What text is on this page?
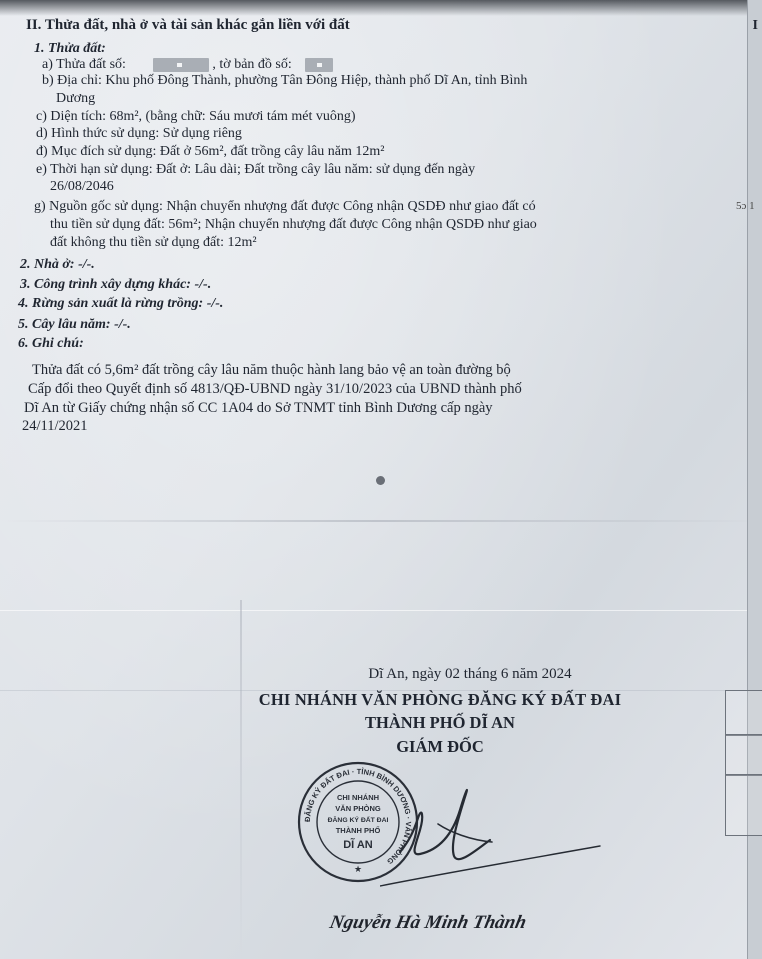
I
5ɔ 1
II. Thửa đất, nhà ở và tài sản khác gắn liền với đất
1. Thửa đất:
a) Thửa đất số:	, tờ bản đồ số:
b) Địa chỉ: Khu phố Đông Thành, phường Tân Đông Hiệp, thành phố Dĩ An, tỉnh Bình
Dương
c) Diện tích: 68m², (bằng chữ: Sáu mươi tám mét vuông)
d) Hình thức sử dụng: Sử dụng riêng
đ) Mục đích sử dụng: Đất ở 56m², đất trồng cây lâu năm 12m²
e) Thời hạn sử dụng: Đất ở: Lâu dài; Đất trồng cây lâu năm: sử dụng đến ngày
26/08/2046
g) Nguồn gốc sử dụng: Nhận chuyển nhượng đất được Công nhận QSDĐ như giao đất có
thu tiền sử dụng đất: 56m²; Nhận chuyển nhượng đất được Công nhận QSDĐ như giao
đất không thu tiền sử dụng đất: 12m²
2. Nhà ở: -/-.
3. Công trình xây dựng khác: -/-.
4. Rừng sản xuất là rừng trồng: -/-.
5. Cây lâu năm: -/-.
6. Ghi chú:
Thửa đất có 5,6m² đất trồng cây lâu năm thuộc hành lang bảo vệ an toàn đường bộ
Cấp đổi theo Quyết định số 4813/QĐ-UBND ngày 31/10/2023 của UBND thành phố
Dĩ An từ Giấy chứng nhận số CC 1A04 do Sở TNMT tỉnh Bình Dương cấp ngày
24/11/2021
Dĩ An, ngày 02 tháng 6 năm 2024
CHI NHÁNH VĂN PHÒNG ĐĂNG KÝ ĐẤT ĐAI
THÀNH PHỐ DĨ AN
GIÁM ĐỐC
ĐĂNG KÝ ĐẤT ĐAI · TỈNH BÌNH DƯƠNG · VĂN PHÒNG
CHI NHÁNH
VĂN PHÒNG
ĐĂNG KÝ ĐẤT ĐAI
THÀNH PHỐ
DĨ AN
★
Nguyễn Hà Minh Thành
